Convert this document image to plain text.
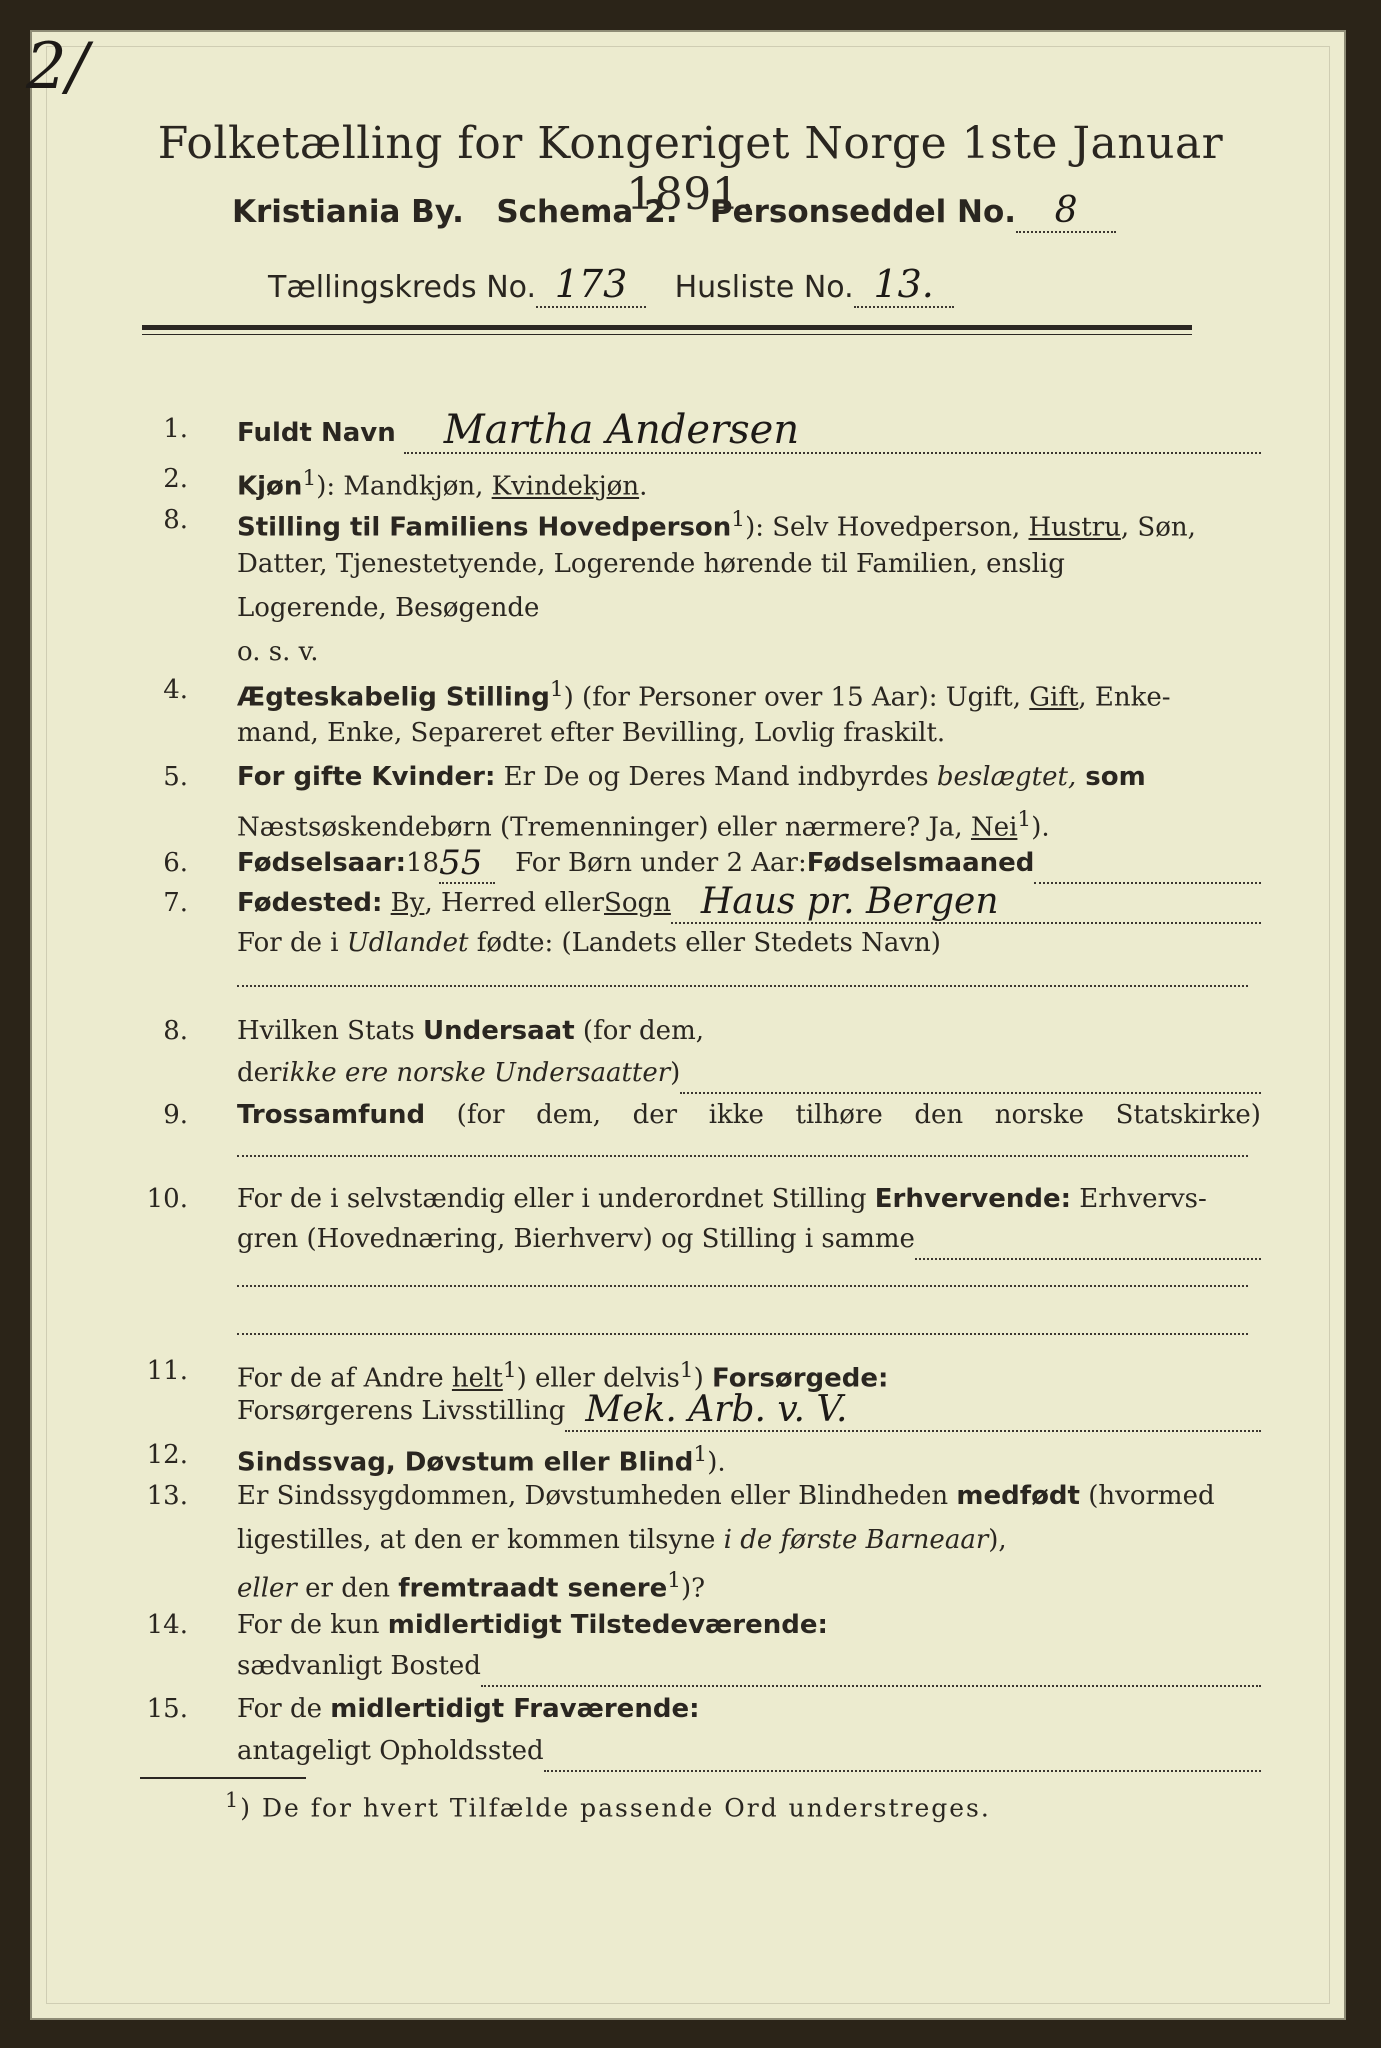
2/
Folketælling for Kongeriget Norge 1ste Januar 1891.
Kristiania By. Schema 2. Personseddel No. 8
Tællingskreds No. 173 Husliste No. 13.
1. Fuldt Navn	Martha Andersen
2. Kjøn$^1$): Mandkjøn, Kvindekjøn.
8. Stilling til Familiens Hovedperson$^1$): Selv Hovedperson, Hustru, Søn,
Datter, Tjenestetyende, Logerende hørende til Familien, enslig
Logerende, Besøgende
o. s. v.
4. Ægteskabelig Stilling$^1$) (for Personer over 15 Aar): Ugift, Gift, Enke-
mand, Enke, Separeret efter Bevilling, Lovlig fraskilt.
5. For gifte Kvinder: Er De og Deres Mand indbyrdes beslægtet, som
Næstsøskendebørn (Tremenninger) eller nærmere? Ja, Nei$^1$).
6. Fødselsaar: 18 55	For Børn under 2 Aar: Fødselsmaaned
7. Fødested:
By , Herred eller Sogn Haus pr. Bergen
For de i Udlandet fødte: (Landets eller Stedets Navn)
8. Hvilken Stats Undersaat (for dem,
der ikke ere norske Undersaatter )
9. Trossamfund (for dem, der ikke tilhøre den norske Statskirke)
10. For de i selvstændig eller i underordnet Stilling Erhvervende: Erhvervs-
gren (Hovednæring, Bierhverv) og Stilling i samme
11. For de af Andre helt$^1$) eller delvis$^1$) Forsørgede:
Forsørgerens Livsstilling Mek. Arb. v. V.
12. Sindssvag, Døvstum eller Blind$^1$).
13. Er Sindssygdommen, Døvstumheden eller Blindheden medfødt (hvormed
ligestilles, at den er kommen tilsyne i de første Barneaar),
eller er den fremtraadt senere$^1$)?
14. For de kun midlertidigt Tilstedeværende:
sædvanligt Bosted
15. For de midlertidigt Fraværende:
antageligt Opholdssted
$^1$) De for hvert Tilfælde passende Ord understreges.
